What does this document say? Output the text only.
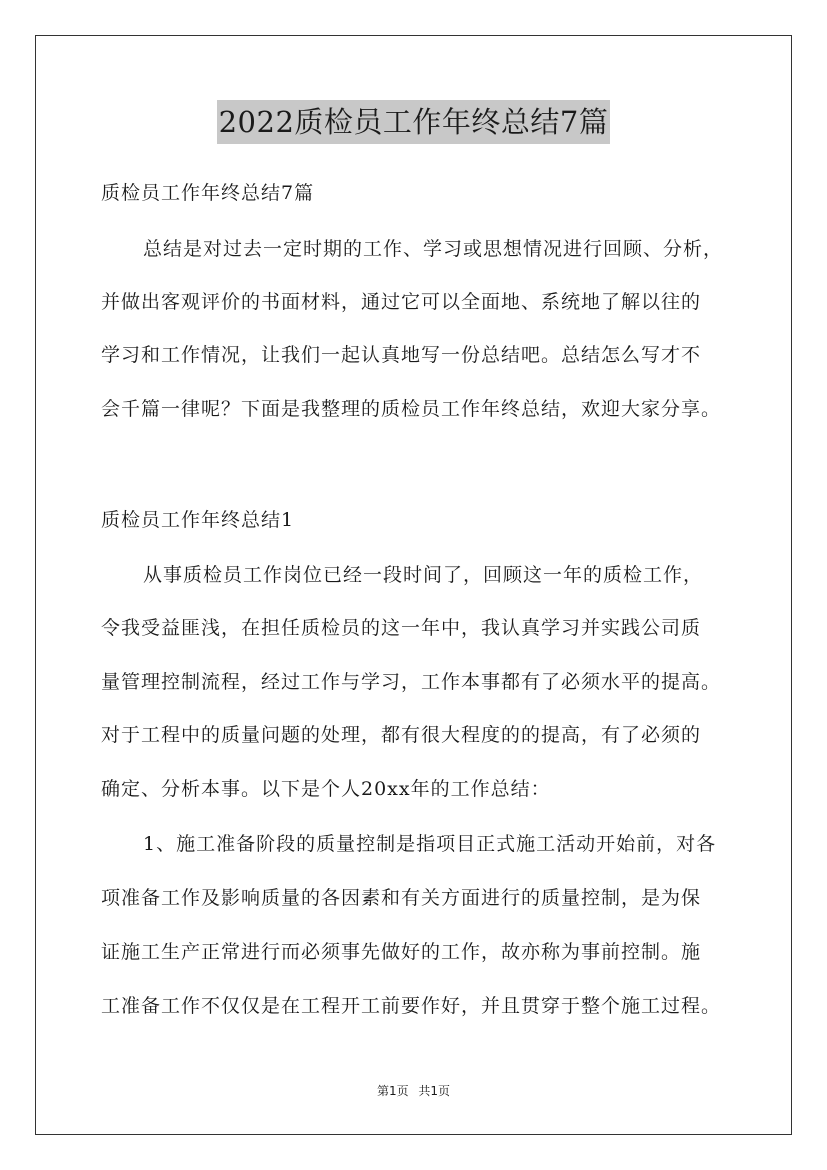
2022质检员工作年终总结7篇
质检员工作年终总结7篇
总结是对过去一定时期的工作、学习或思想情况进行回顾、分析，
并做出客观评价的书面材料，通过它可以全面地、系统地了解以往的
学习和工作情况，让我们一起认真地写一份总结吧。总结怎么写才不
会千篇一律呢？下面是我整理的质检员工作年终总结，欢迎大家分享。
质检员工作年终总结1
从事质检员工作岗位已经一段时间了，回顾这一年的质检工作，
令我受益匪浅，在担任质检员的这一年中，我认真学习并实践公司质
量管理控制流程，经过工作与学习，工作本事都有了必须水平的提高。
对于工程中的质量问题的处理，都有很大程度的的提高，有了必须的
确定、分析本事。以下是个人20xx年的工作总结：
1、施工准备阶段的质量控制是指项目正式施工活动开始前，对各
项准备工作及影响质量的各因素和有关方面进行的质量控制，是为保
证施工生产正常进行而必须事先做好的工作，故亦称为事前控制。施
工准备工作不仅仅是在工程开工前要作好，并且贯穿于整个施工过程。
第1页 共1页
